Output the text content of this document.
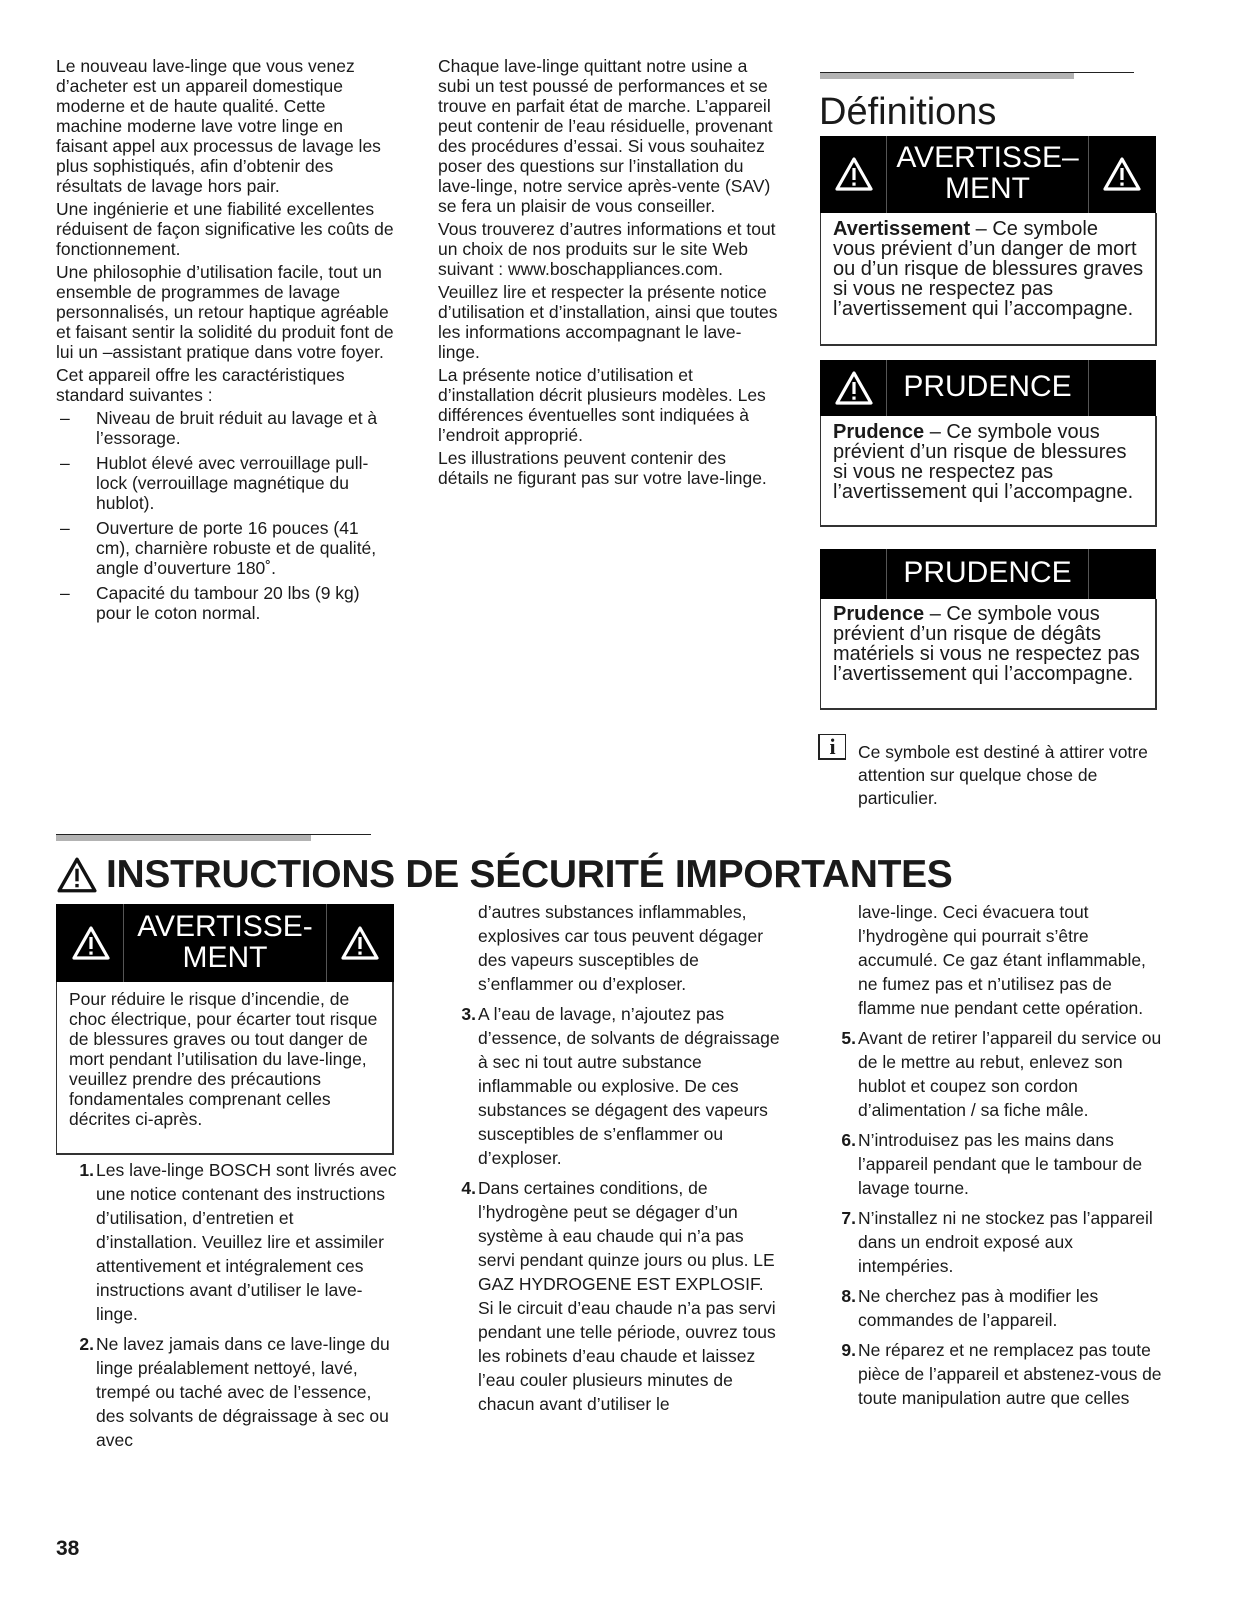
Le nouveau lave-linge que vous venez d’acheter est un appareil domestique moderne et de haute qualité. Cette machine moderne lave votre linge en faisant appel aux processus de lavage les plus sophistiqués, afin d’obtenir des résultats de lavage hors pair.

Une ingénierie et une fiabilité excellentes réduisent de façon significative les coûts de fonctionnement.

Une philosophie d’utilisation facile, tout un ensemble de programmes de lavage personnalisés, un retour haptique agréable et faisant sentir la solidité du produit font de lui un –assistant pratique dans votre foyer.

Cet appareil offre les caractéristiques standard suivantes :

– Niveau de bruit réduit au lavage et à l’essorage.
– Hublot élevé avec verrouillage pull-lock (verrouillage magnétique du hublot).
– Ouverture de porte 16 pouces (41 cm), charnière robuste et de qualité, angle d’ouverture 180˚.
– Capacité du tambour 20 lbs (9 kg) pour le coton normal.

Chaque lave-linge quittant notre usine a subi un test poussé de performances et se trouve en parfait état de marche. L’appareil peut contenir de l’eau résiduelle, provenant des procédures d’essai. Si vous souhaitez poser des questions sur l’installation du lave-linge, notre service après-vente (SAV) se fera un plaisir de vous conseiller.

Vous trouverez d’autres informations et tout un choix de nos produits sur le site Web suivant : www.boschappliances.com.

Veuillez lire et respecter la présente notice d’utilisation et d’installation, ainsi que toutes les informations accompagnant le lave-linge.

La présente notice d’utilisation et d’installation décrit plusieurs modèles. Les différences éventuelles sont indiquées à l’endroit approprié.

Les illustrations peuvent contenir des détails ne figurant pas sur votre lave-linge.

Définitions
AVERTISSE–
MENT
Avertissement – Ce symbole vous prévient d’un danger de mort ou d’un risque de blessures graves si vous ne respectez pas l’avertissement qui l’accompagne.
PRUDENCE
Prudence – Ce symbole vous prévient d’un risque de blessures si vous ne respectez pas l’avertissement qui l’accompagne.
PRUDENCE
Prudence – Ce symbole vous prévient d’un risque de dégâts matériels si vous ne respectez pas l’avertissement qui l’accompagne.
i	Ce symbole est destiné à attirer votre attention sur quelque chose de particulier.
INSTRUCTIONS DE SÉCURITÉ IMPORTANTES
AVERTISSE-
MENT
Pour réduire le risque d’incendie, de choc électrique, pour écarter tout risque de blessures graves ou tout danger de mort pendant l’utilisation du lave-linge, veuillez prendre des précautions fondamentales comprenant celles décrites ci-après.
1. Les lave-linge BOSCH sont livrés avec une notice contenant des instructions d’utilisation, d’entretien et d’installation. Veuillez lire et assimiler attentivement et intégralement ces instructions avant d’utiliser le lave-linge.
2. Ne lavez jamais dans ce lave-linge du linge préalablement nettoyé, lavé, trempé ou taché avec de l’essence, des solvants de dégraissage à sec ou avec
d’autres substances inflammables, explosives car tous peuvent dégager des vapeurs susceptibles de s’enflammer ou d’exploser.
3. A l’eau de lavage, n’ajoutez pas d’essence, de solvants de dégraissage à sec ni tout autre substance inflammable ou explosive. De ces substances se dégagent des vapeurs susceptibles de s’enflammer ou d’exploser.
4. Dans certaines conditions, de l’hydrogène peut se dégager d’un système à eau chaude qui n’a pas servi pendant quinze jours ou plus. LE GAZ HYDROGENE EST EXPLOSIF. Si le circuit d’eau chaude n’a pas servi pendant une telle période, ouvrez tous les robinets d’eau chaude et laissez l’eau couler plusieurs minutes de chacun avant d’utiliser le
lave-linge. Ceci évacuera tout l’hydrogène qui pourrait s’être accumulé. Ce gaz étant inflammable, ne fumez pas et n’utilisez pas de flamme nue pendant cette opération.
5. Avant de retirer l’appareil du service ou de le mettre au rebut, enlevez son hublot et coupez son cordon d’alimentation / sa fiche mâle.
6. N’introduisez pas les mains dans l’appareil pendant que le tambour de lavage tourne.
7. N’installez ni ne stockez pas l’appareil dans un endroit exposé aux intempéries.
8. Ne cherchez pas à modifier les commandes de l’appareil.
9. Ne réparez et ne remplacez pas toute pièce de l’appareil et abstenez-vous de toute manipulation autre que celles
38
